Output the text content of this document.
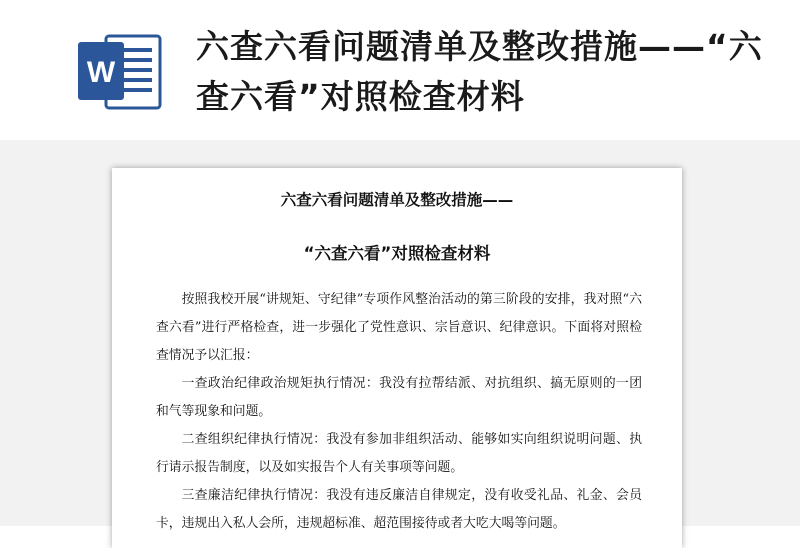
W
六查六看问题清单及整改措施——“六查六看”对照检查材料
六查六看问题清单及整改措施——
“六查六看”对照检查材料

按照我校开展“讲规矩、守纪律”专项作风整治活动的第三阶段的安排，我对照“六查六看”进行严格检查，进一步强化了党性意识、宗旨意识、纪律意识。下面将对照检查情况予以汇报：

一查政治纪律政治规矩执行情况：我没有拉帮结派、对抗组织、搞无原则的一团和气等现象和问题。

二查组织纪律执行情况：我没有参加非组织活动、能够如实向组织说明问题、执行请示报告制度，以及如实报告个人有关事项等问题。

三查廉洁纪律执行情况：我没有违反廉洁自律规定，没有收受礼品、礼金、会员卡，违规出入私人会所，违规超标准、超范围接待或者大吃大喝等问题。
